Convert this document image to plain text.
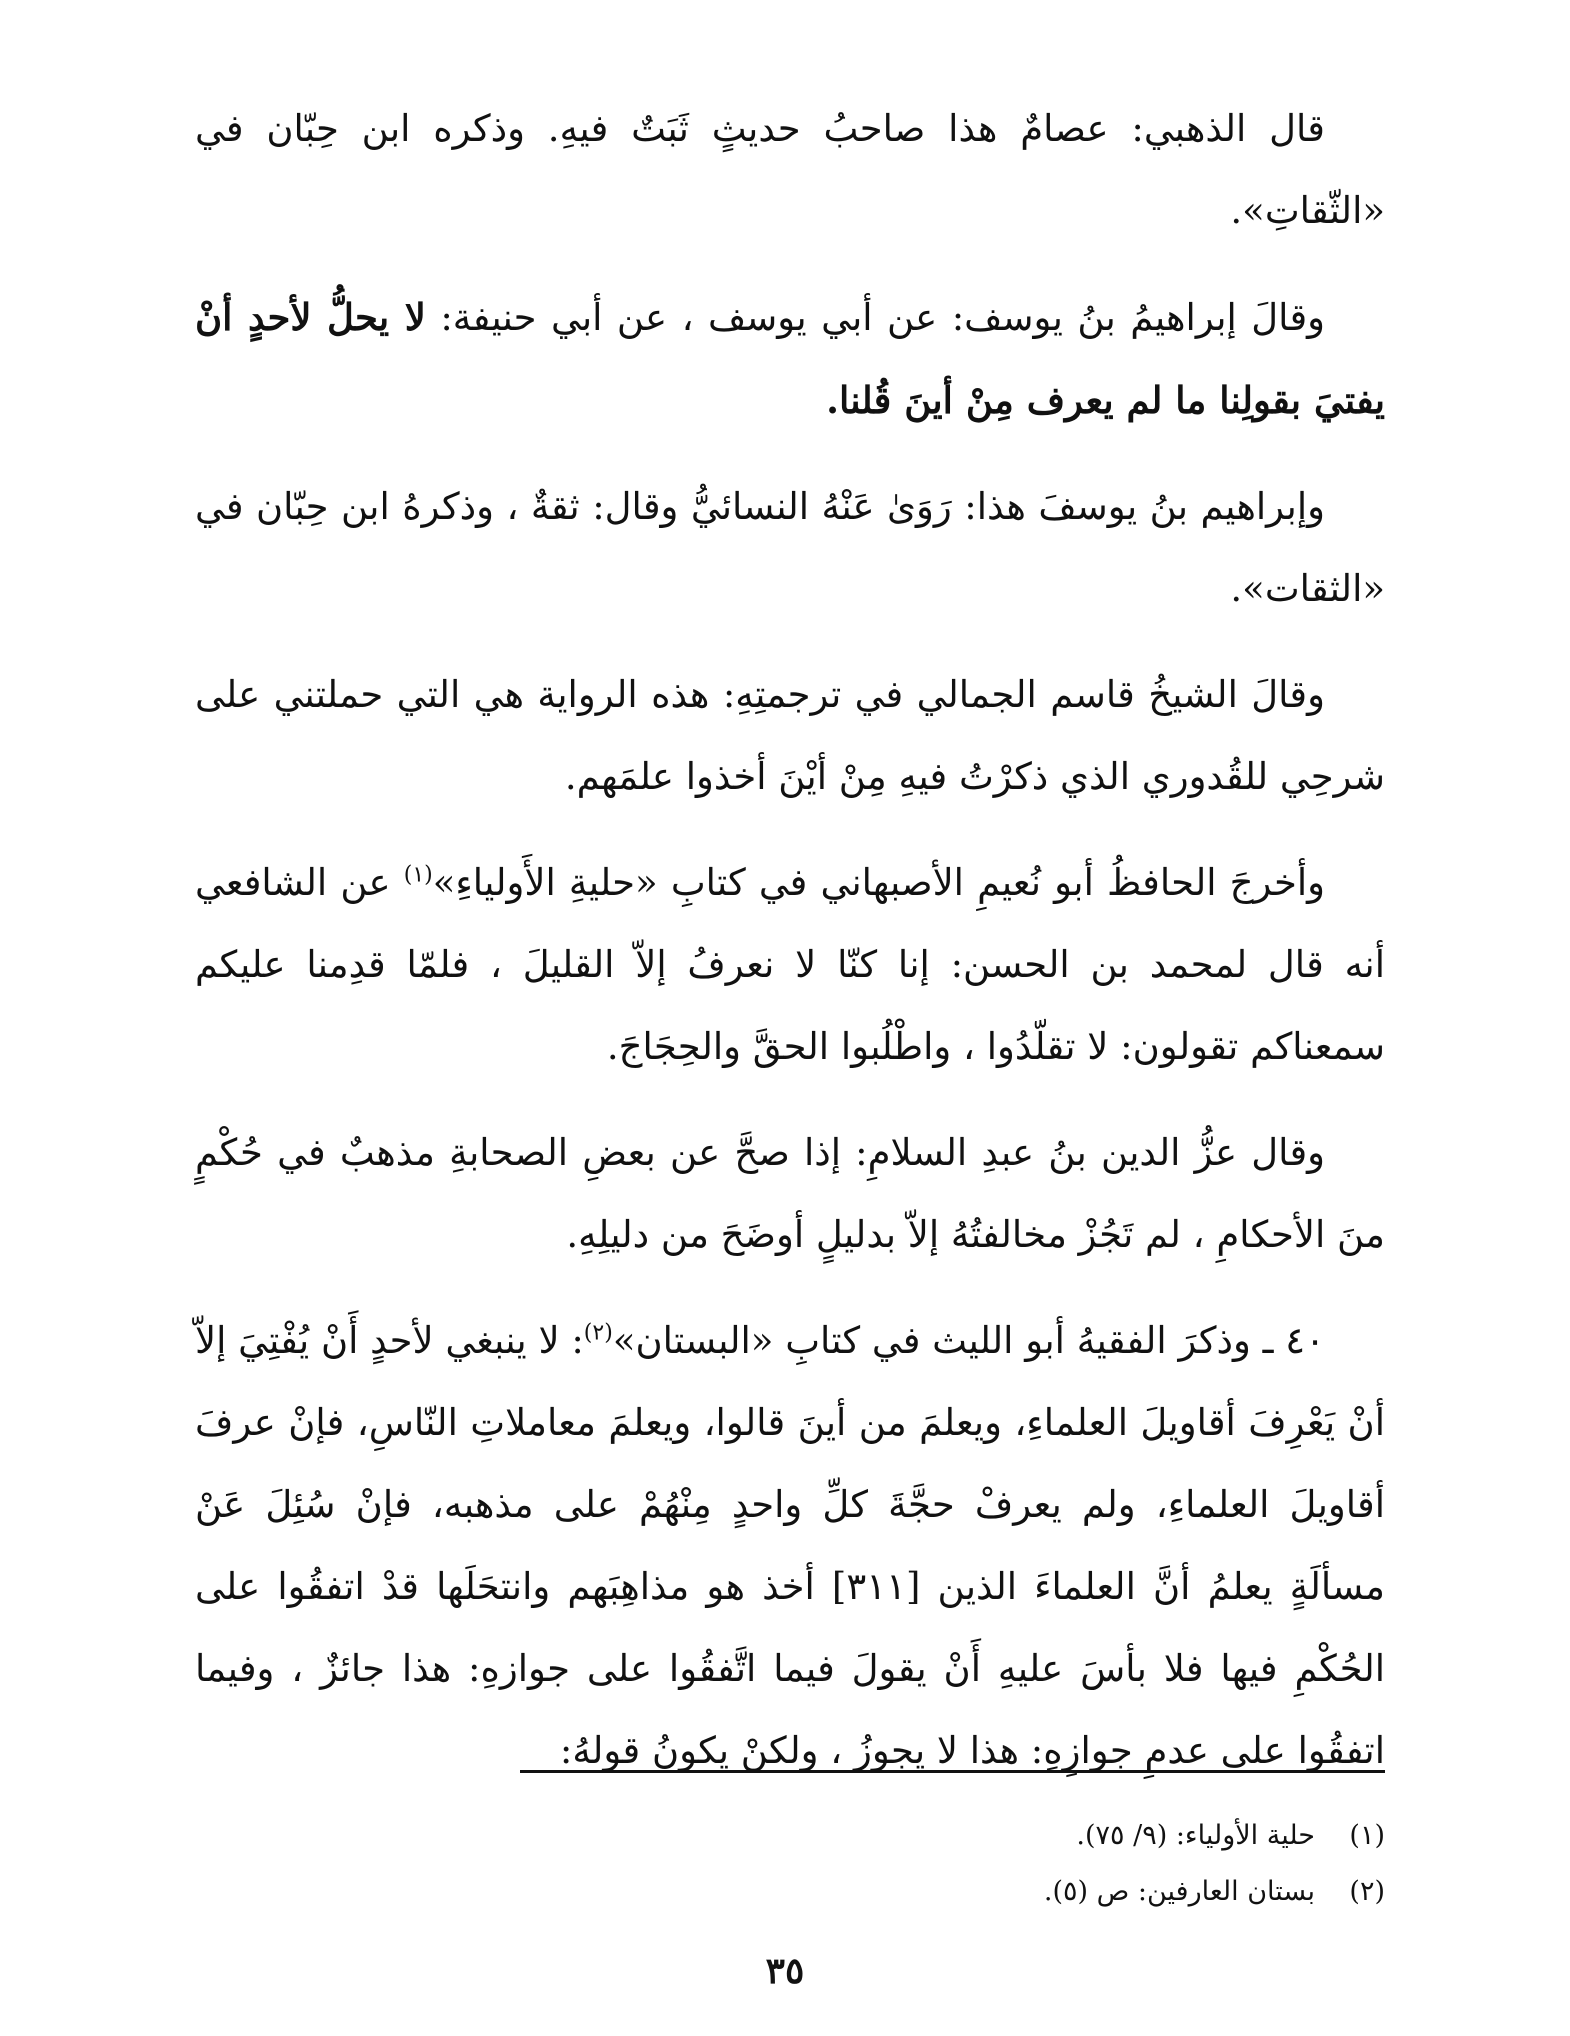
قال الذهبي: عصامٌ هذا صاحبُ حديثٍ ثَبَتٌ فيهِ. وذكره ابن حِبّان في «الثّقاتِ».

وقالَ إبراهيمُ بنُ يوسف: عن أبي يوسف ، عن أبي حنيفة: لا يحلُّ لأحدٍ أنْ يفتيَ بقولِنا ما لم يعرف مِنْ أينَ قُلنا.

وإبراهيم بنُ يوسفَ هذا: رَوَىٰ عَنْهُ النسائيُّ وقال: ثقةٌ ، وذكرهُ ابن حِبّان في «الثقات».

وقالَ الشيخُ قاسم الجمالي في ترجمتِهِ: هذه الرواية هي التي حملتني على شرحِي للقُدوري الذي ذكرْتُ فيهِ مِنْ أيْنَ أخذوا علمَهم.

وأخرجَ الحافظُ أبو نُعيمِ الأصبهاني في كتابِ «حليةِ الأَولياءِ»$^{(١)}$ عن الشافعي أنه قال لمحمد بن الحسن: إنا كنّا لا نعرفُ إلاّ القليلَ ، فلمّا قدِمنا عليكم سمعناكم تقولون: لا تقلّدُوا ، واطْلُبوا الحقَّ والحِجَاجَ.

وقال عزُّ الدين بنُ عبدِ السلامِ: إذا صحَّ عن بعضِ الصحابةِ مذهبٌ في حُكْمٍ منَ الأحكامِ ، لم تَجُزْ مخالفتُهُ إلاّ بدليلٍ أوضَحَ من دليلِهِ.

٤٠ ـ وذكرَ الفقيهُ أبو الليث في كتابِ «البستان»$^{(٢)}$: لا ينبغي لأحدٍ أَنْ يُفْتِيَ إلاّ أنْ يَعْرِفَ أقاويلَ العلماءِ، ويعلمَ من أينَ قالوا، ويعلمَ معاملاتِ النّاسِ، فإنْ عرفَ أقاويلَ العلماءِ، ولم يعرفْ حجَّةَ كلِّ واحدٍ مِنْهُمْ على مذهبه، فإنْ سُئِلَ عَنْ مسألَةٍ يعلمُ أنَّ العلماءَ الذين [٣١١] أخذ هو مذاهِبَهم وانتحَلَها قدْ اتفقُوا على الحُكْمِ فيها فلا بأسَ عليهِ أَنْ يقولَ فيما اتَّفقُوا على جوازهِ: هذا جائزٌ ، وفيما اتفقُوا على عدمِ جوازِهِ: هذا لا يجوزُ ، ولكنْ يكونُ قولهُ:

(١)حلية الأولياء: (٩/ ٧٥).
(٢)بستان العارفين: ص (٥).
٣٥
